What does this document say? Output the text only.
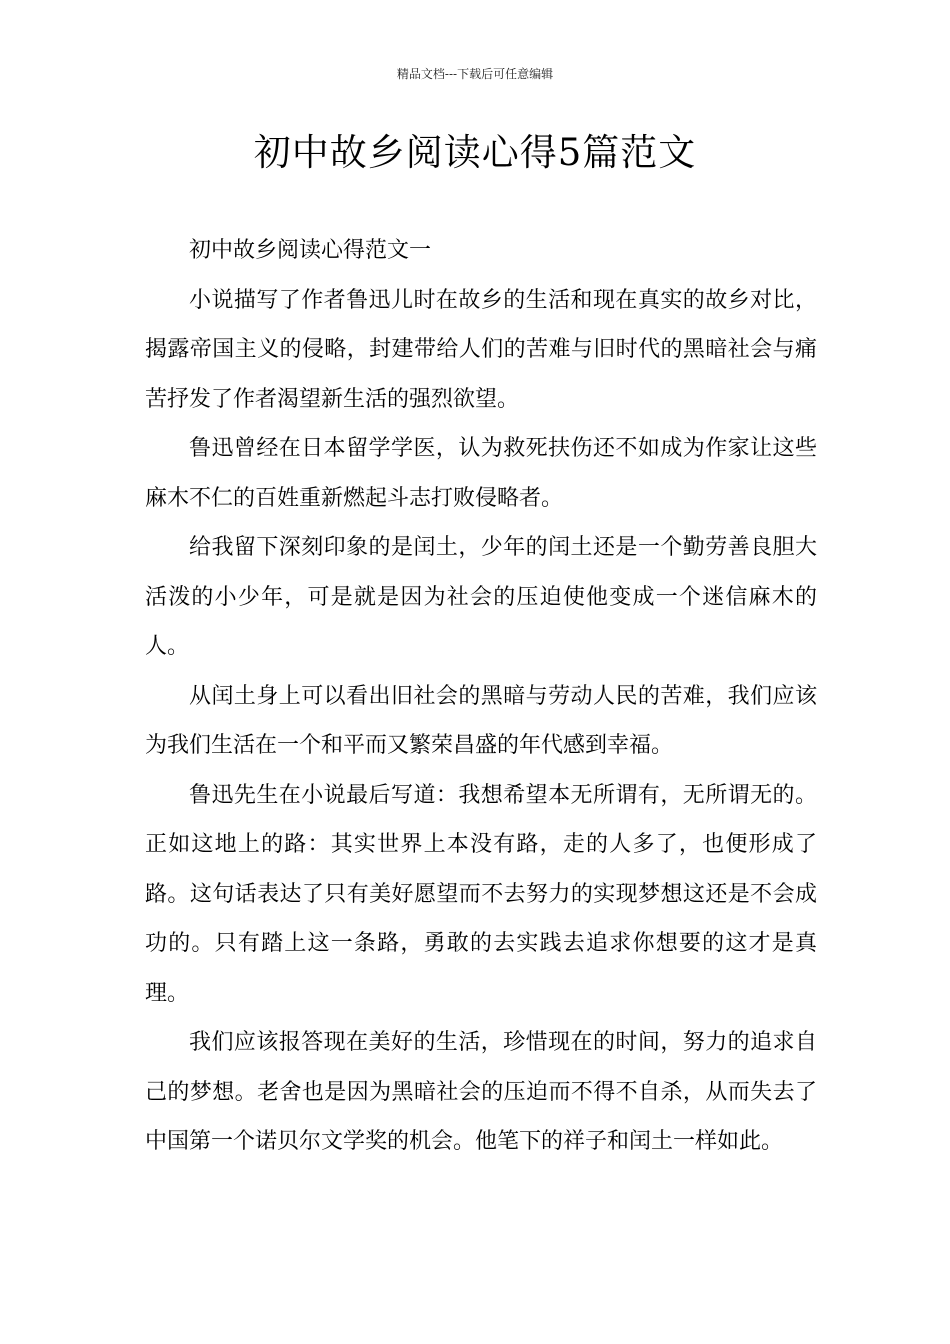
精品文档---下载后可任意编辑
初中故乡阅读心得5篇范文

初中故乡阅读心得范文一

小说描写了作者鲁迅儿时在故乡的生活和现在真实的故乡对比，揭露帝国主义的侵略，封建带给人们的苦难与旧时代的黑暗社会与痛苦抒发了作者渴望新生活的强烈欲望。

鲁迅曾经在日本留学学医，认为救死扶伤还不如成为作家让这些麻木不仁的百姓重新燃起斗志打败侵略者。

给我留下深刻印象的是闰土，少年的闰土还是一个勤劳善良胆大活泼的小少年，可是就是因为社会的压迫使他变成一个迷信麻木的人。

从闰土身上可以看出旧社会的黑暗与劳动人民的苦难，我们应该为我们生活在一个和平而又繁荣昌盛的年代感到幸福。

鲁迅先生在小说最后写道：我想希望本无所谓有，无所谓无的。正如这地上的路：其实世界上本没有路，走的人多了，也便形成了路。这句话表达了只有美好愿望而不去努力的实现梦想这还是不会成功的。只有踏上这一条路，勇敢的去实践去追求你想要的这才是真理。

我们应该报答现在美好的生活，珍惜现在的时间，努力的追求自己的梦想。老舍也是因为黑暗社会的压迫而不得不自杀，从而失去了中国第一个诺贝尔文学奖的机会。他笔下的祥子和闰土一样如此。
